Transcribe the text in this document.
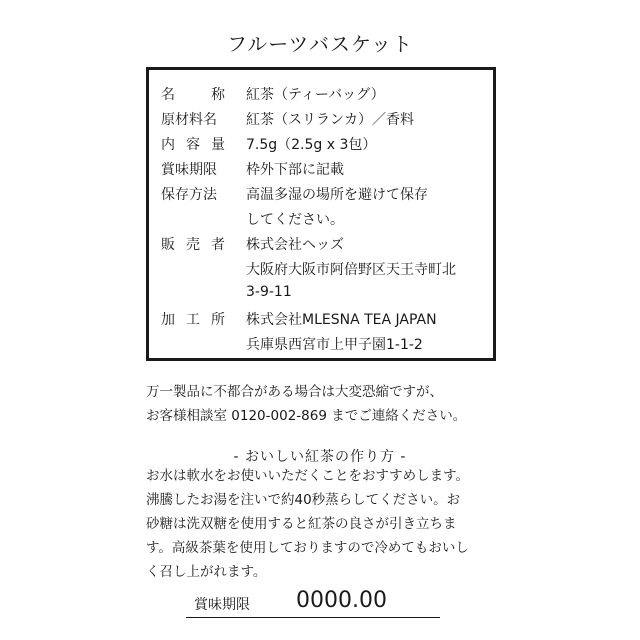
フルーツバスケット
名	称 紅茶（ティーバッグ）
原材料名	紅茶（スリランカ）／香料
内 容 量 7.5g（2.5g x 3包）
賞味期限	枠外下部に記載
保存方法	高温多湿の場所を避けて保存
してください。
販 売 者 株式会社ヘッズ
大阪府大阪市阿倍野区天王寺町北
3-9-11
加 工 所 株式会社MLESNA TEA JAPAN
兵庫県西宮市上甲子園1-1-2
万一製品に不都合がある場合は大変恐縮ですが、
お客様相談室 0120-002-869 までご連絡ください。
- おいしい紅茶の作り方 -
お水は軟水をお使いいただくことをおすすめします。
沸騰したお湯を注いで約40秒蒸らしてください。お
砂糖は洗双糖を使用すると紅茶の良さが引き立ちま
す。高級茶葉を使用しておりますので冷めてもおいし
く召し上がれます。
賞味期限 0000.00
